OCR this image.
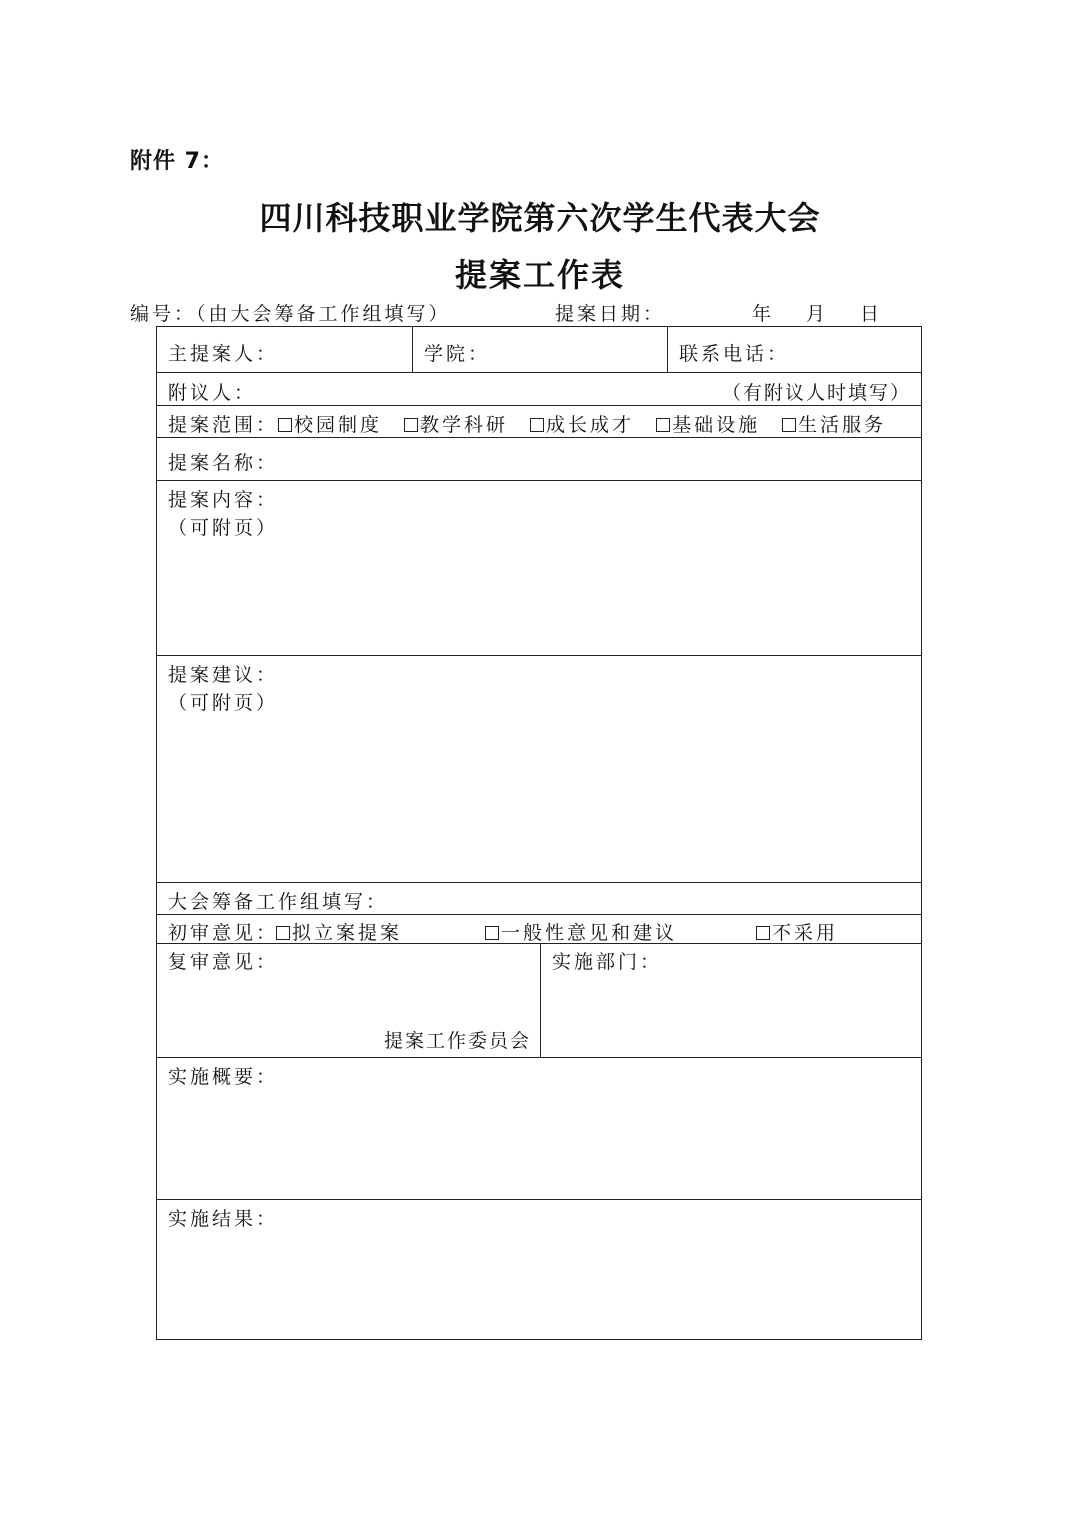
附件 7：
四川科技职业学院第六次学生代表大会
提案工作表
编号：（由大会筹备工作组填写）	提案日期：	年 月 日
主提案人：	学院：	联系电话：
附议人：	（有附议人时填写）
提案范围： 校园制度 教学科研 成长成才 基础设施 生活服务
提案名称：
提案内容：
（可附页）
提案建议：
（可附页）
大会筹备工作组填写：
初审意见： 拟立案提案	一般性意见和建议	不采用
复审意见：
提案工作委员会
实施部门：
实施概要：
实施结果：
